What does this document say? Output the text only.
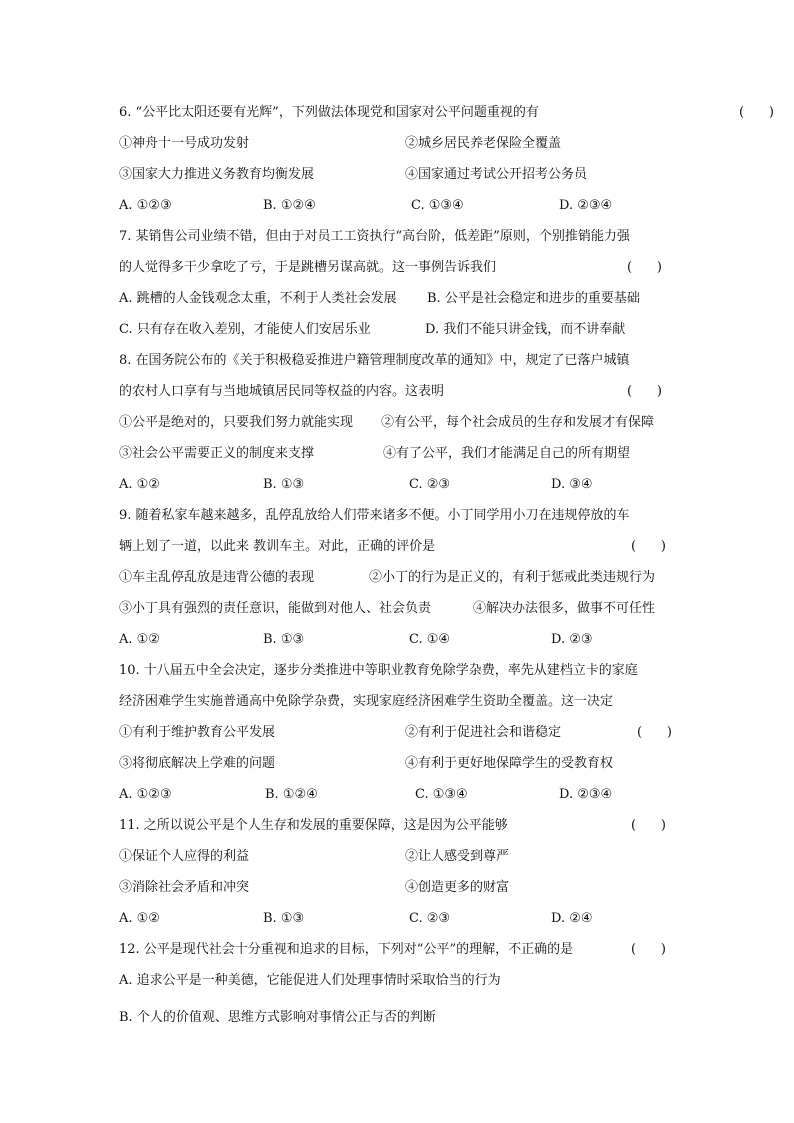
6. “公平比太阳还要有光辉”，下列做法体现党和国家对公平问题重视的有	(      )
①神舟十一号成功发射	②城乡居民养老保险全覆盖
③国家大力推进义务教育均衡发展	④国家通过考试公开招考公务员
A. ①②③	B. ①②④	C. ①③④	D. ②③④
7. 某销售公司业绩不错，但由于对员工工资执行“高台阶，低差距”原则，个别推销能力强
的人觉得多干少拿吃了亏，于是跳槽另谋高就。这一事例告诉我们	(      )
A. 跳槽的人金钱观念太重，不利于人类社会发展 B. 公平是社会稳定和进步的重要基础
C. 只有存在收入差别，才能使人们安居乐业	D. 我们不能只讲金钱，而不讲奉献
8. 在国务院公布的《关于积极稳妥推进户籍管理制度改革的通知》中，规定了已落户城镇
的农村人口享有与当地城镇居民同等权益的内容。这表明	(      )
①公平是绝对的，只要我们努力就能实现 ②有公平，每个社会成员的生存和发展才有保障
③社会公平需要正义的制度来支撑	④有了公平，我们才能满足自己的所有期望
A. ①②	B. ①③	C. ②③	D. ③④
9. 随着私家车越来越多，乱停乱放给人们带来诸多不便。小丁同学用小刀在违规停放的车
辆上划了一道，以此来 教训车主。对此，正确的评价是	(      )
①车主乱停乱放是违背公德的表现	②小丁的行为是正义的，有利于惩戒此类违规行为
③小丁具有强烈的责任意识，能做到对他人、社会负责	④解决办法很多，做事不可任性
A. ①②	B. ①③	C. ①④	D. ②③
10. 十八届五中全会决定，逐步分类推进中等职业教育免除学杂费，率先从建档立卡的家庭
经济困难学生实施普通高中免除学杂费，实现家庭经济困难学生资助全覆盖。这一决定
①有利于维护教育公平发展	②有利于促进社会和谐稳定	(      )
③将彻底解决上学难的问题	④有利于更好地保障学生的受教育权
A. ①②③	B. ①②④	C. ①③④	D. ②③④
11. 之所以说公平是个人生存和发展的重要保障，这是因为公平能够	(      )
①保证个人应得的利益	②让人感受到尊严
③消除社会矛盾和冲突	④创造更多的财富
A. ①②	B. ①③	C. ②③	D. ②④
12. 公平是现代社会十分重视和追求的目标，下列对“公平”的理解，不正确的是	(      )
A. 追求公平是一种美德，它能促进人们处理事情时采取恰当的行为
B. 个人的价值观、思维方式影响对事情公正与否的判断
